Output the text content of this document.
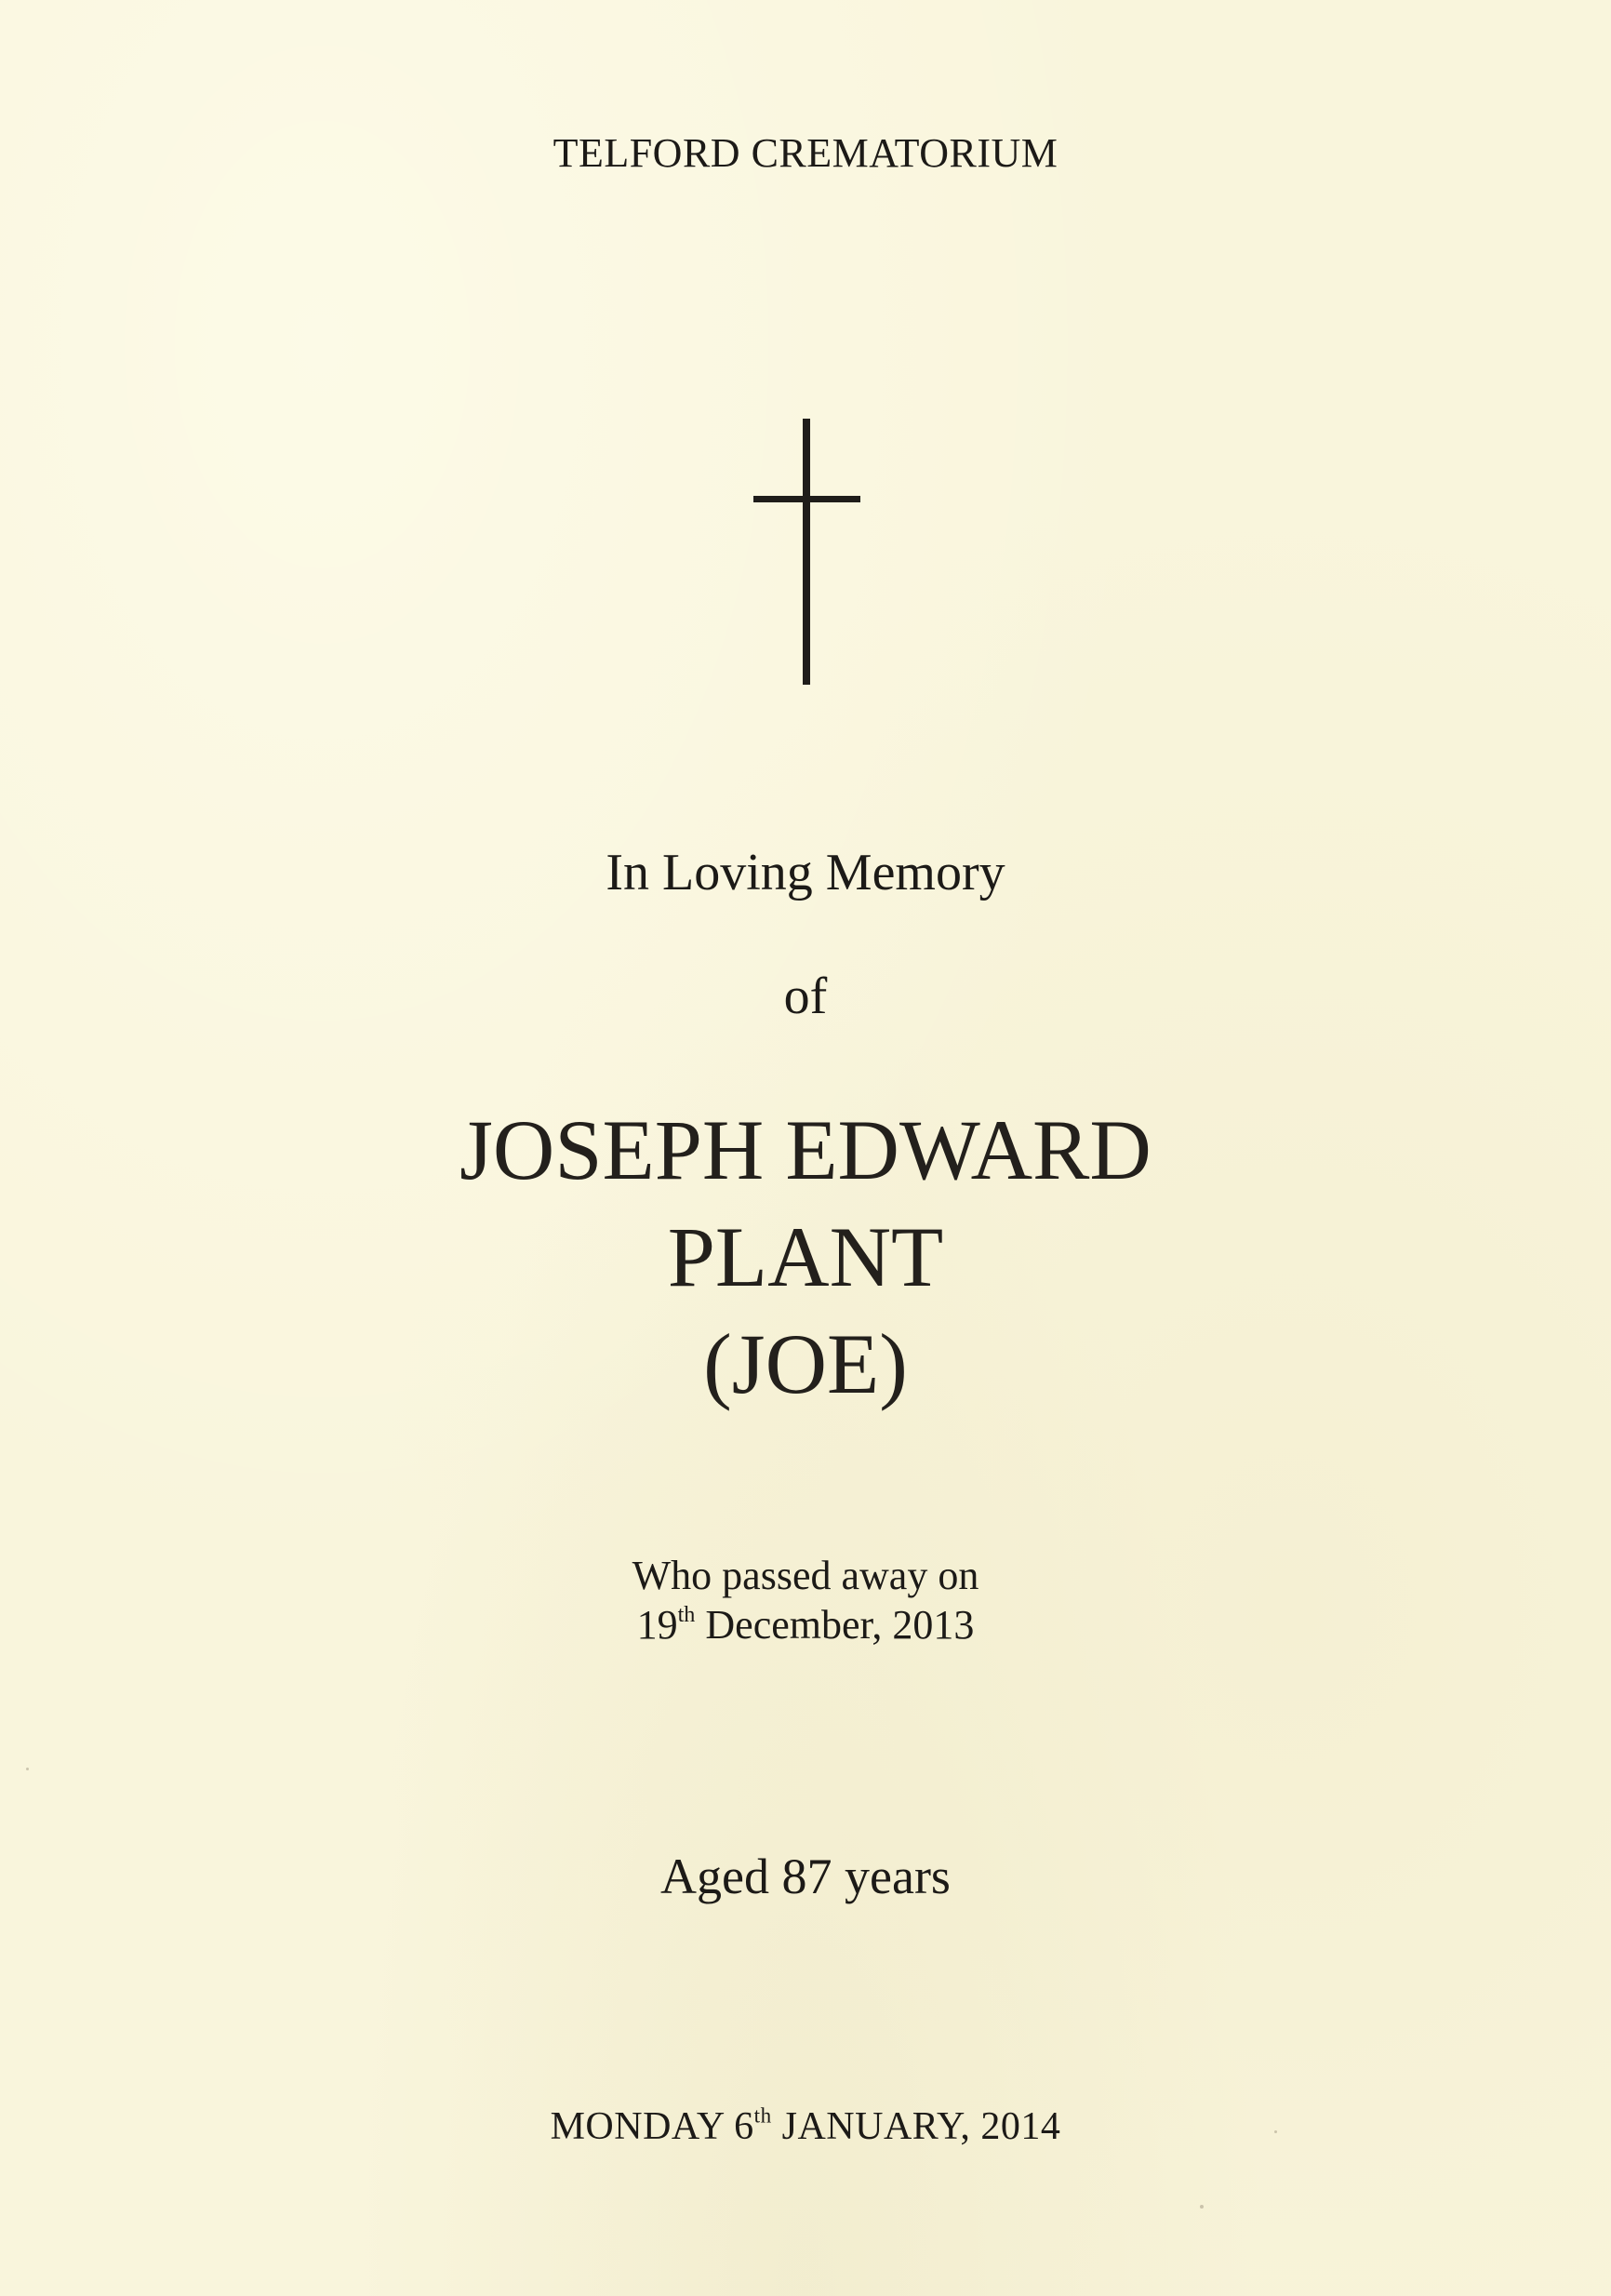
TELFORD CREMATORIUM
In Loving Memory
of
JOSEPH EDWARD
PLANT
(JOE)
Who passed away on
19th December, 2013
Aged 87 years
MONDAY 6th JANUARY, 2014
